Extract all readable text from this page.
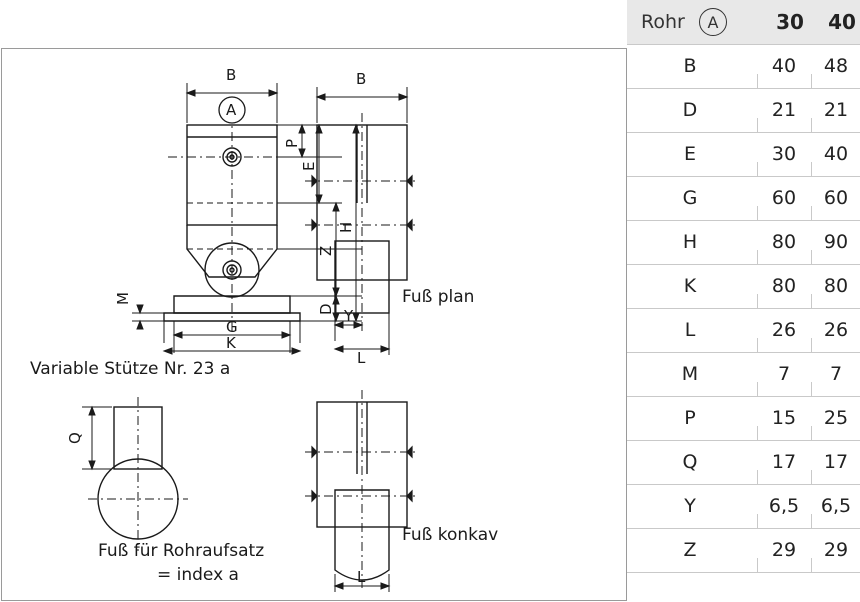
B
A
P
E
Z
D
H
M
G
K
Variable Stütze Nr. 23 a
B
Y
L
Fuß plan
Q
Fuß für Rohraufsatz
= index a	L
Fuß konkav
Rohr	A	30 40
B	40	48
D	21	21
E	30	40
G	60	60
H	80	90
K	80	80
L	26	26
M	7	7
P	15	25
Q	17	17
Y	6,5	6,5
Z	29	29
